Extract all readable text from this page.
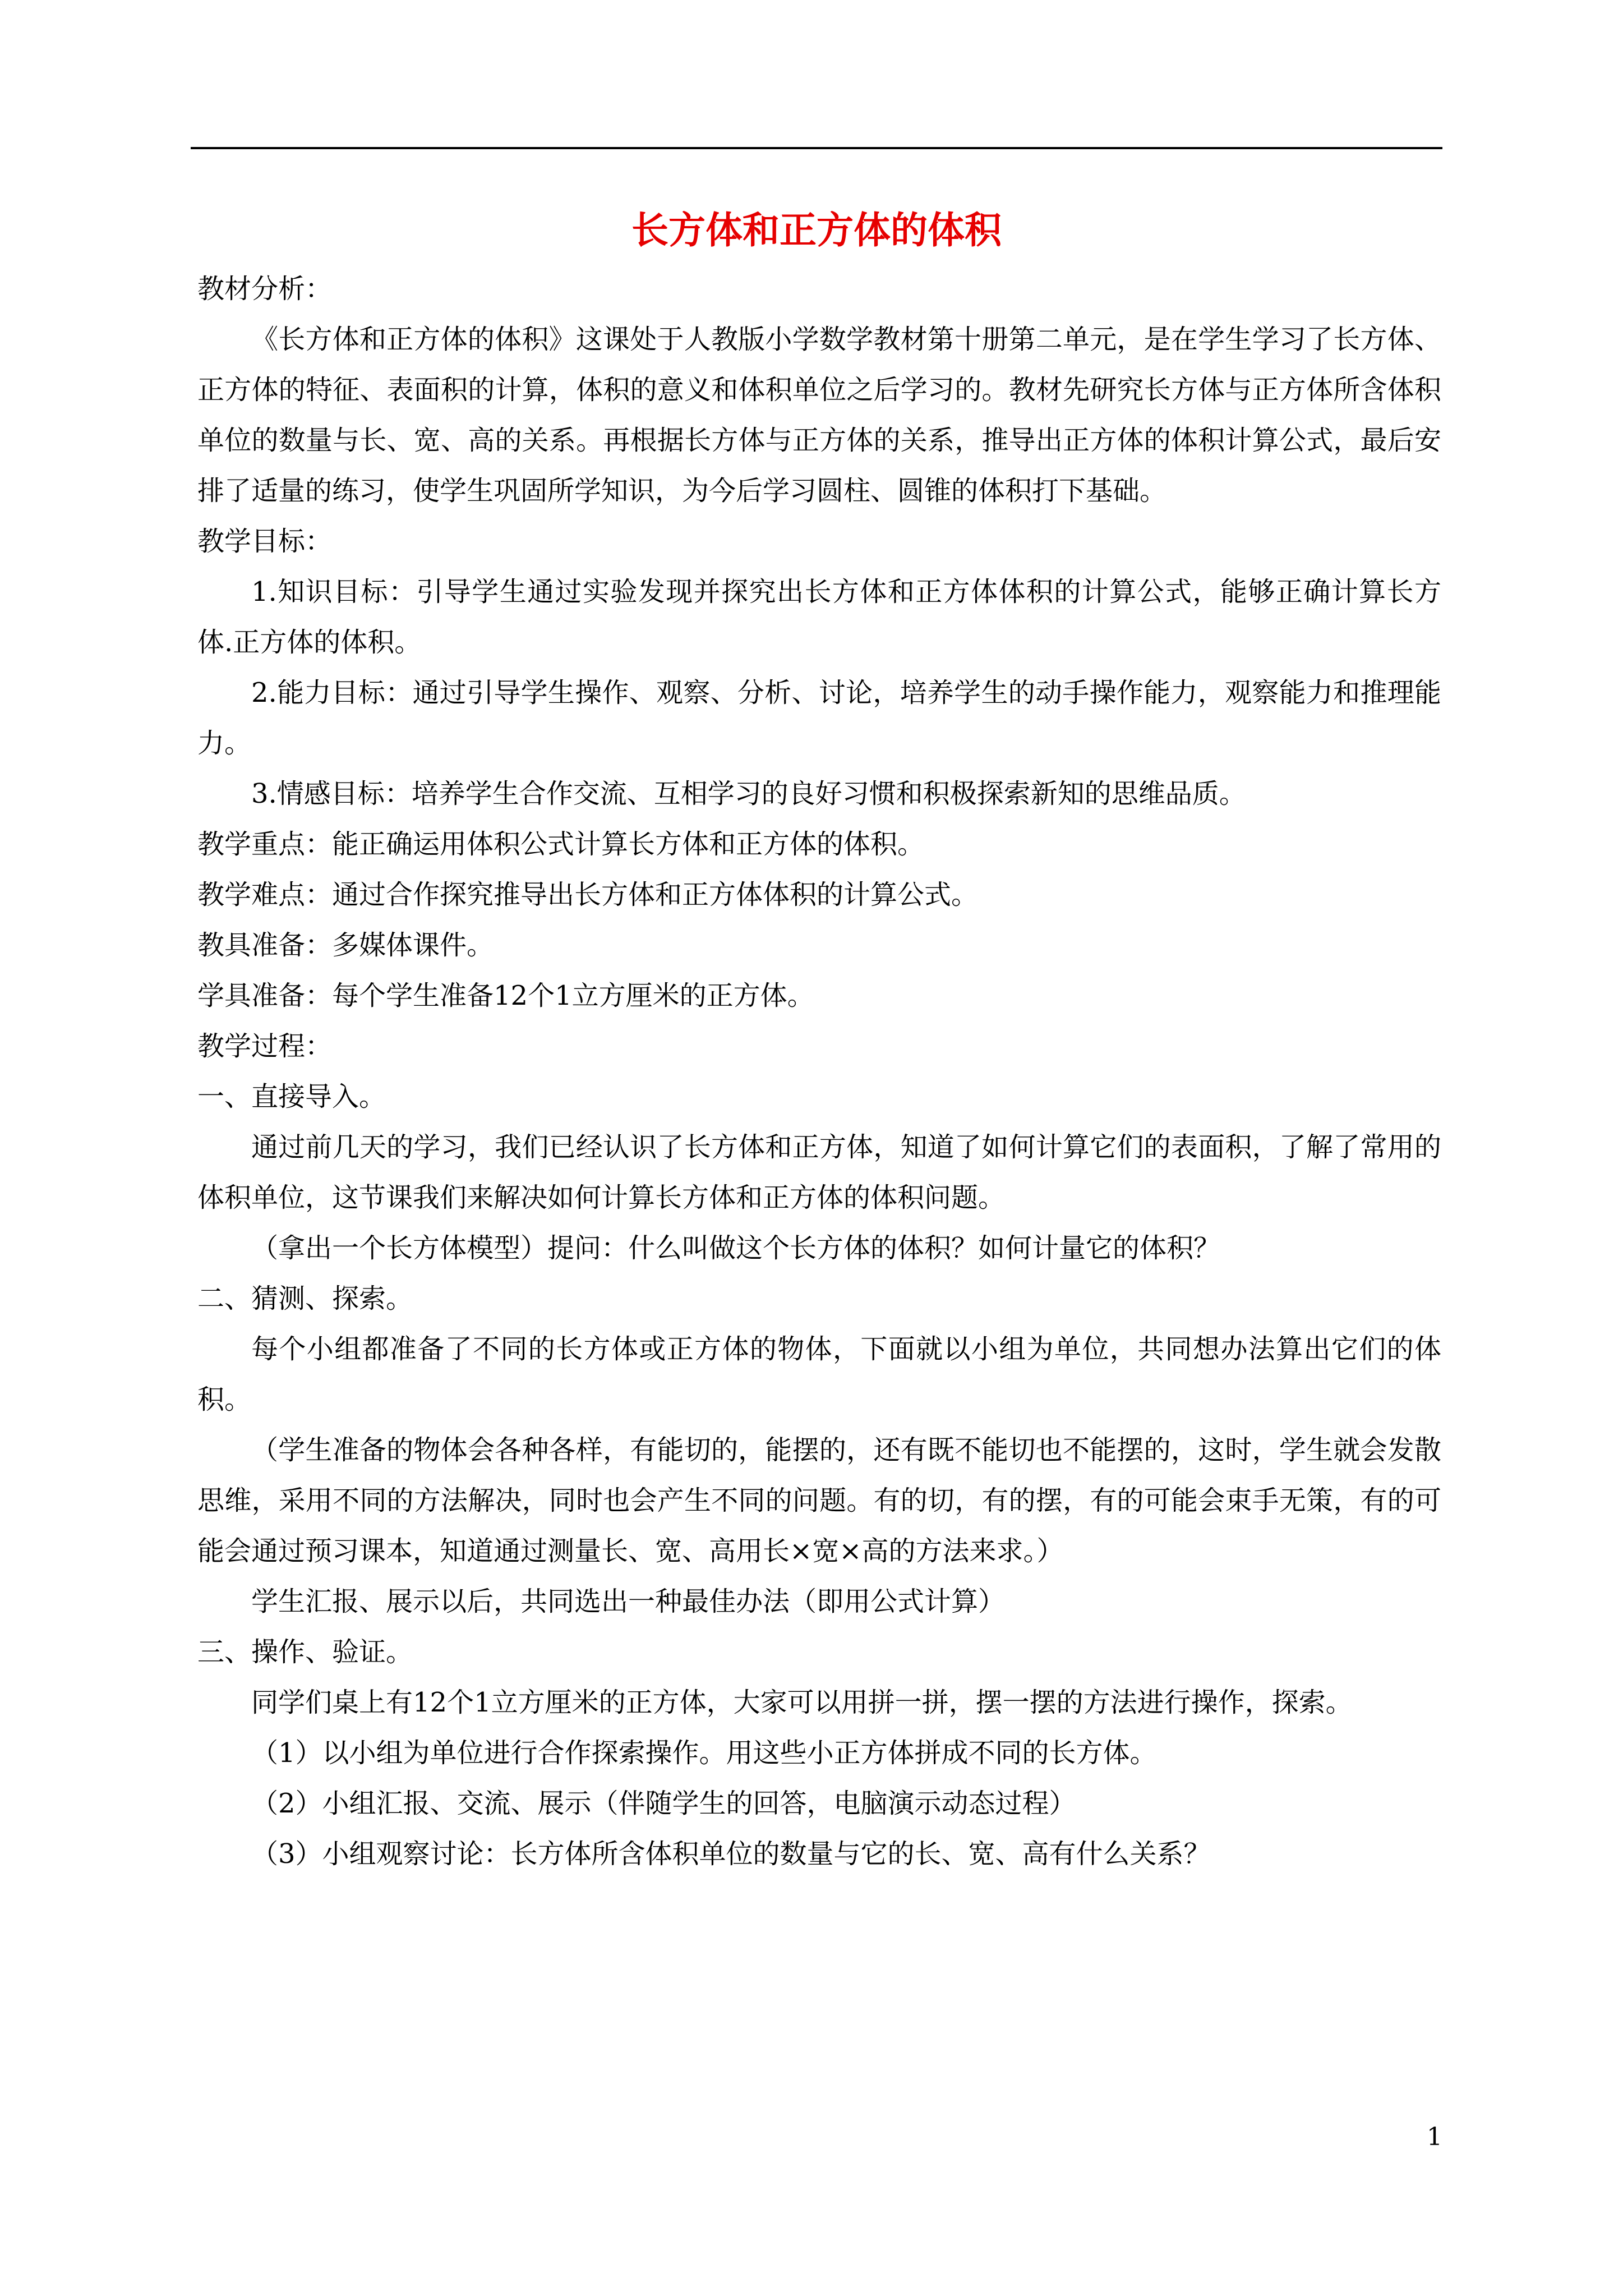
长方体和正方体的体积

教材分析：

《长方体和正方体的体积》这课处于人教版小学数学教材第十册第二单元，是在学生学习了长方体、正方体的特征、表面积的计算，体积的意义和体积单位之后学习的。教材先研究长方体与正方体所含体积单位的数量与长、宽、高的关系。再根据长方体与正方体的关系，推导出正方体的体积计算公式，最后安排了适量的练习，使学生巩固所学知识，为今后学习圆柱、圆锥的体积打下基础。

教学目标：

1.知识目标：引导学生通过实验发现并探究出长方体和正方体体积的计算公式，能够正确计算长方体.正方体的体积。

2.能力目标：通过引导学生操作、观察、分析、讨论，培养学生的动手操作能力，观察能力和推理能力。

3.情感目标：培养学生合作交流、互相学习的良好习惯和积极探索新知的思维品质。

教学重点：能正确运用体积公式计算长方体和正方体的体积。

教学难点：通过合作探究推导出长方体和正方体体积的计算公式。

教具准备：多媒体课件。

学具准备：每个学生准备12个1立方厘米的正方体。

教学过程：

一、直接导入。

通过前几天的学习，我们已经认识了长方体和正方体，知道了如何计算它们的表面积，了解了常用的体积单位，这节课我们来解决如何计算长方体和正方体的体积问题。

（拿出一个长方体模型）提问：什么叫做这个长方体的体积？如何计量它的体积？

二、猜测、探索。

每个小组都准备了不同的长方体或正方体的物体，下面就以小组为单位，共同想办法算出它们的体积。

（学生准备的物体会各种各样，有能切的，能摆的，还有既不能切也不能摆的，这时，学生就会发散思维，采用不同的方法解决，同时也会产生不同的问题。有的切，有的摆，有的可能会束手无策，有的可能会通过预习课本，知道通过测量长、宽、高用长×宽×高的方法来求。）

学生汇报、展示以后，共同选出一种最佳办法（即用公式计算）

三、操作、验证。

同学们桌上有12个1立方厘米的正方体，大家可以用拼一拼，摆一摆的方法进行操作，探索。

（1）以小组为单位进行合作探索操作。用这些小正方体拼成不同的长方体。

（2）小组汇报、交流、展示（伴随学生的回答，电脑演示动态过程）

（3）小组观察讨论：长方体所含体积单位的数量与它的长、宽、高有什么关系？

1
